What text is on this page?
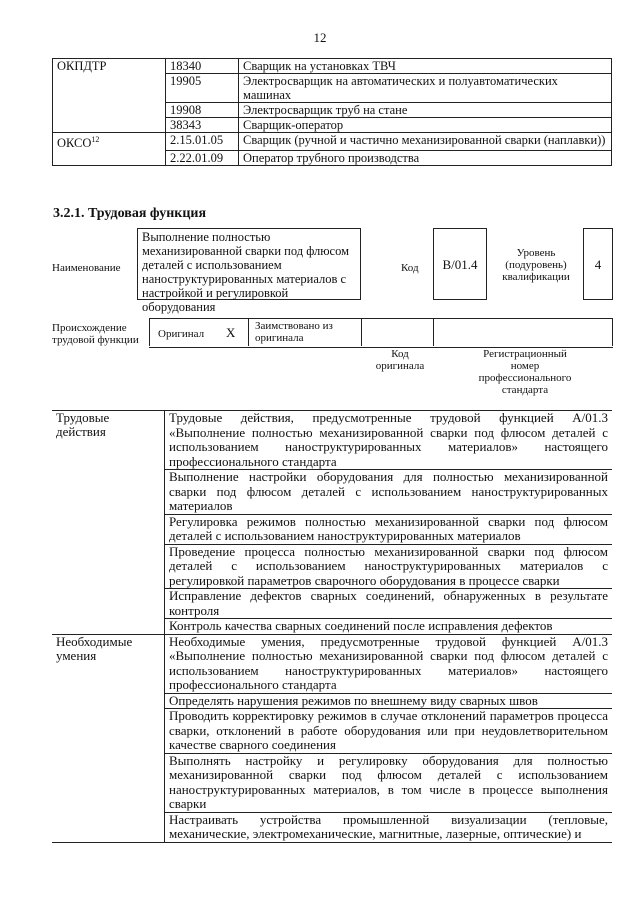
12
ОКПДТР	18340	Сварщик на установках ТВЧ
	19905	Электросварщик на автоматических и полуавтоматических машинах
	19908	Электросварщик труб на стане
	38343	Сварщик-оператор
ОКСО$^{12}$	2.15.01.05	Сварщик (ручной и частично механизированной сварки (наплавки))
	2.22.01.09	Оператор трубного производства
3.2.1. Трудовая функция
Наименование
Выполнение полностью механизированной сварки под флюсом деталей с использованием наноструктурированных материалов с настройкой и регулировкой оборудования
Код	В/01.4
Уровень (подуровень) квалификации
4
Происхождение трудовой функции Оригинал X Заимствовано из оригинала
Код оригинала
Регистрационный номер профессионального стандарта
Трудовые действия	Трудовые действия, предусмотренные трудовой функцией А/01.3 «Выполнение полностью механизированной сварки под флюсом деталей с использованием наноструктурированных материалов» настоящего профессионального стандарта
	Выполнение настройки оборудования для полностью механизированной сварки под флюсом деталей с использованием наноструктурированных материалов
	Регулировка режимов полностью механизированной сварки под флюсом деталей с использованием наноструктурированных материалов
	Проведение процесса полностью механизированной сварки под флюсом деталей с использованием наноструктурированных материалов с регулировкой параметров сварочного оборудования в процессе сварки
	Исправление дефектов сварных соединений, обнаруженных в результате контроля
	Контроль качества сварных соединений после исправления дефектов
Необходимые умения	Необходимые умения, предусмотренные трудовой функцией А/01.3 «Выполнение полностью механизированной сварки под флюсом деталей с использованием наноструктурированных материалов» настоящего профессионального стандарта
	Определять нарушения режимов по внешнему виду сварных швов
	Проводить корректировку режимов в случае отклонений параметров процесса сварки, отклонений в работе оборудования или при неудовлетворительном качестве сварного соединения
	Выполнять настройку и регулировку оборудования для полностью механизированной сварки под флюсом деталей с использованием наноструктурированных материалов, в том числе в процессе выполнения сварки
	Настраивать устройства промышленной визуализации (тепловые, механические, электромеханические, магнитные, лазерные, оптические) и
